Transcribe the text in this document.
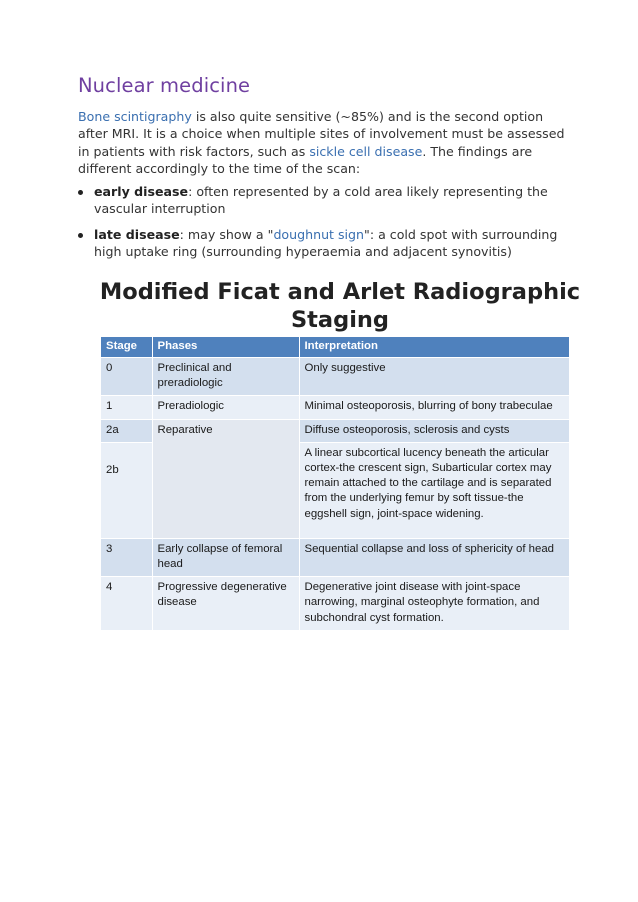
Nuclear medicine

Bone scintigraphy is also quite sensitive (~85%) and is the second option after MRI. It is a choice when multiple sites of involvement must be assessed in patients with risk factors, such as sickle cell disease. The findings are different accordingly to the time of the scan:

early disease: often represented by a cold area likely representing the vascular interruption
late disease: may show a "doughnut sign": a cold spot with surrounding high uptake ring (surrounding hyperaemia and adjacent synovitis)
Modified Ficat and Arlet Radiographic
Staging
Stage	Phases	Interpretation
0	Preclinical and preradiologic	Only suggestive
1	Preradiologic	Minimal osteoporosis, blurring of bony trabeculae
2a	Reparative	Diffuse osteoporosis, sclerosis and cysts
2b		A linear subcortical lucency beneath the articular cortex-the crescent sign, Subarticular cortex may remain attached to the cartilage and is separated from the underlying femur by soft tissue-the eggshell sign, joint-space widening.
3	Early collapse of femoral head	Sequential collapse and loss of sphericity of head
4	Progressive degenerative disease	Degenerative joint disease with joint-space narrowing, marginal osteophyte formation, and subchondral cyst formation.
